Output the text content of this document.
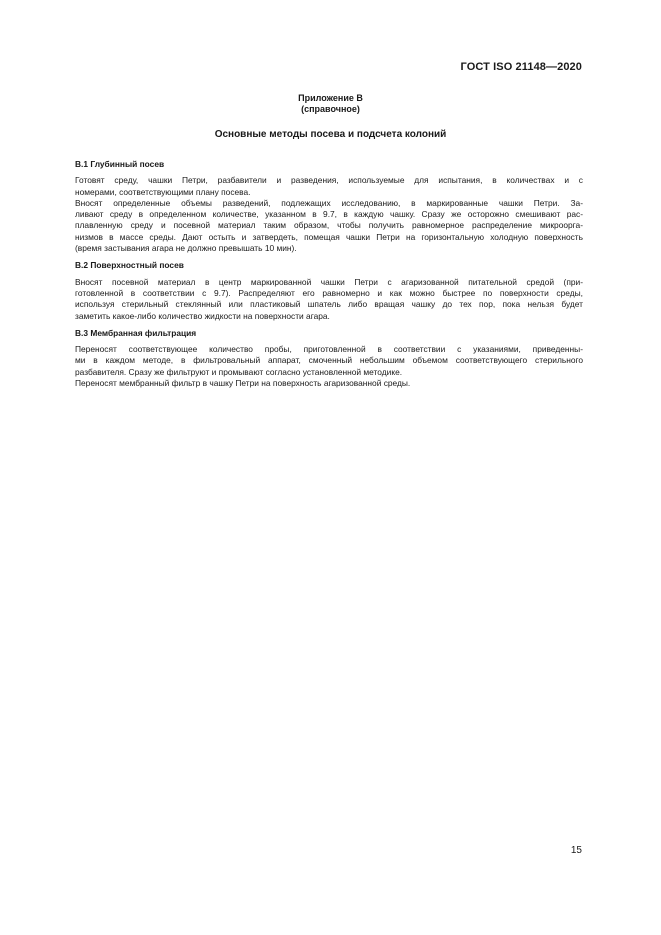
ГОСТ ISO 21148—2020
Приложение B
(справочное)
Основные методы посева и подсчета колоний
B.1 Глубинный посев
Готовят среду, чашки Петри, разбавители и разведения, используемые для испытания, в количествах и с
номерами, соответствующими плану посева.
Вносят определенные объемы разведений, подлежащих исследованию, в маркированные чашки Петри. За-
ливают среду в определенном количестве, указанном в 9.7, в каждую чашку. Сразу же осторожно смешивают рас-
плавленную среду и посевной материал таким образом, чтобы получить равномерное распределение микроорга-
низмов в массе среды. Дают остыть и затвердеть, помещая чашки Петри на горизонтальную холодную поверхность
(время застывания агара не должно превышать 10 мин).
B.2 Поверхностный посев
Вносят посевной материал в центр маркированной чашки Петри с агаризованной питательной средой (при-
готовленной в соответствии с 9.7). Распределяют его равномерно и как можно быстрее по поверхности среды,
используя стерильный стеклянный или пластиковый шпатель либо вращая чашку до тех пор, пока нельзя будет
заметить какое-либо количество жидкости на поверхности агара.
B.3 Мембранная фильтрация
Переносят соответствующее количество пробы, приготовленной в соответствии с указаниями, приведенны-
ми в каждом методе, в фильтровальный аппарат, смоченный небольшим объемом соответствующего стерильного
разбавителя. Сразу же фильтруют и промывают согласно установленной методике.
Переносят мембранный фильтр в чашку Петри на поверхность агаризованной среды.
15
